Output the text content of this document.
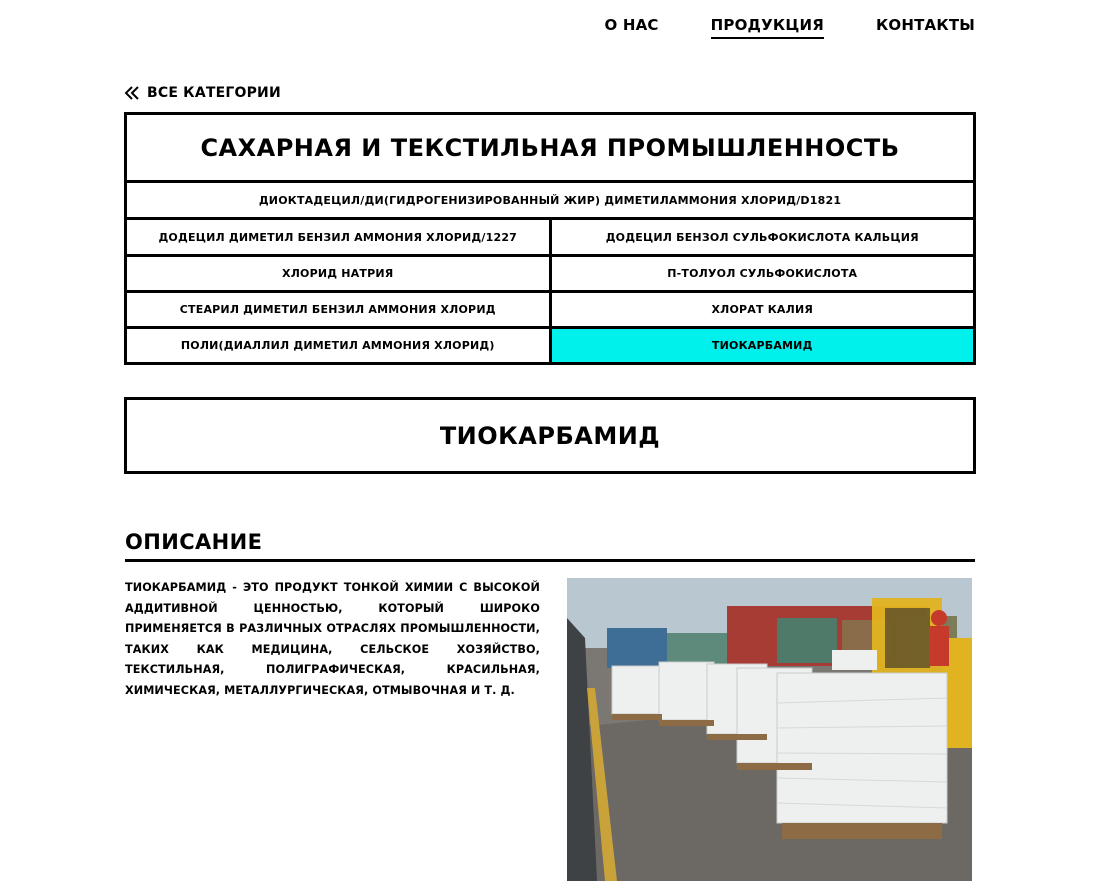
О НАС	ПРОДУКЦИЯ	КОНТАКТЫ
ВСЕ КАТЕГОРИИ
САХАРНАЯ И ТЕКСТИЛЬНАЯ ПРОМЫШЛЕННОСТЬ
ДИОКТАДЕЦИЛ/ДИ(ГИДРОГЕНИЗИРОВАННЫЙ ЖИР) ДИМЕТИЛАММОНИЯ ХЛОРИД/D1821
ДОДЕЦИЛ ДИМЕТИЛ БЕНЗИЛ АММОНИЯ ХЛОРИД/1227	ДОДЕЦИЛ БЕНЗОЛ СУЛЬФОКИСЛОТА КАЛЬЦИЯ
ХЛОРИД НАТРИЯ	П-ТОЛУОЛ СУЛЬФОКИСЛОТА
СТЕАРИЛ ДИМЕТИЛ БЕНЗИЛ АММОНИЯ ХЛОРИД	ХЛОРАТ КАЛИЯ
ПОЛИ(ДИАЛЛИЛ ДИМЕТИЛ АММОНИЯ ХЛОРИД)	ТИОКАРБАМИД
ТИОКАРБАМИД
ОПИСАНИЕ

ТИОКАРБАМИД - ЭТО ПРОДУКТ ТОНКОЙ ХИМИИ С ВЫСОКОЙ АДДИТИВНОЙ ЦЕННОСТЬЮ, КОТОРЫЙ ШИРОКО ПРИМЕНЯЕТСЯ В РАЗЛИЧНЫХ ОТРАСЛЯХ ПРОМЫШЛЕННОСТИ, ТАКИХ КАК МЕДИЦИНА, СЕЛЬСКОЕ ХОЗЯЙСТВО, ТЕКСТИЛЬНАЯ, ПОЛИГРАФИЧЕСКАЯ, КРАСИЛЬНАЯ, ХИМИЧЕСКАЯ, МЕТАЛЛУРГИЧЕСКАЯ, ОТМЫВОЧНАЯ И Т. Д.
